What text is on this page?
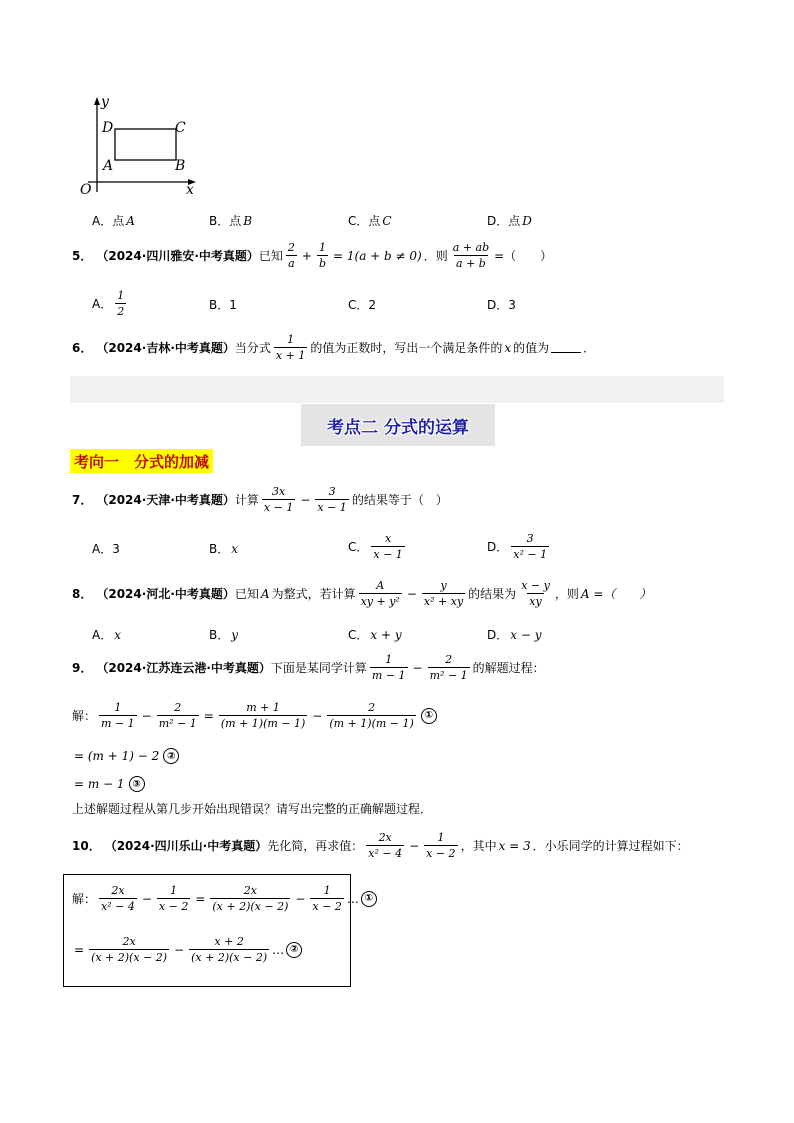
y
x
O
D	C
A	B
A． 点 A	B． 点 B	C． 点 C	D． 点 D
5． （2024·四川雅安·中考真题） 已知 $\frac{2}{a} + \frac{1}{b} = 1(a + b \ne 0)$ ．则 $\frac{a + ab}{a + b}$ =（　　）
A． $\frac{1}{2}$	B． 1	C． 2	D． 3
6． （2024·吉林·中考真题） 当分式 $\frac{1}{x + 1}$ 的值为正数时，写出一个满足条件的 x 的值为	．
考点二 分式的运算
考向一　分式的加减
7． （2024·天津·中考真题） 计算 $\frac{3x}{x - 1} - \frac{3}{x - 1}$ 的结果等于（　）
A． 3	B． x	C． $\frac{x}{x - 1}$	D． $\frac{3}{\text{x² − 1}}$
8． （2024·河北·中考真题） 已知 A 为整式，若计算 $\frac{A}{\text{xy + y²}} - \frac{y}{\text{x² + xy}}$ 的结果为 $\frac{x - y}{xy}$ ，则 A =（　　）
A． x	B． y	C． x + y	D． x − y
9． （2024·江苏连云港·中考真题） 下面是某同学计算 $\frac{1}{m - 1} - \frac{2}{\text{m² − 1}}$ 的解题过程：
解： $\frac{1}{m - 1} - \frac{2}{\text{m² − 1}} = \frac{m + 1}{(m + 1)(m - 1)} - \frac{2}{(m + 1)(m - 1)}$ ①
= (m + 1) − 2 ②
= m − 1 ③
上述解题过程从第几步开始出现错误？请写出完整的正确解题过程．
10． （2024·四川乐山·中考真题） 先化简，再求值： $\frac{2x}{\text{x² − 4}} - \frac{1}{x - 2}$ ，其中 x = 3 ．小乐同学的计算过程如下：
解： $\frac{2x}{\text{x² − 4}} - \frac{1}{x - 2} = \frac{2x}{(x + 2)(x - 2)} - \frac{1}{x - 2}$ … ①
= $\frac{2x}{(x + 2)(x - 2)} - \frac{x + 2}{(x + 2)(x - 2)}$ … ②
